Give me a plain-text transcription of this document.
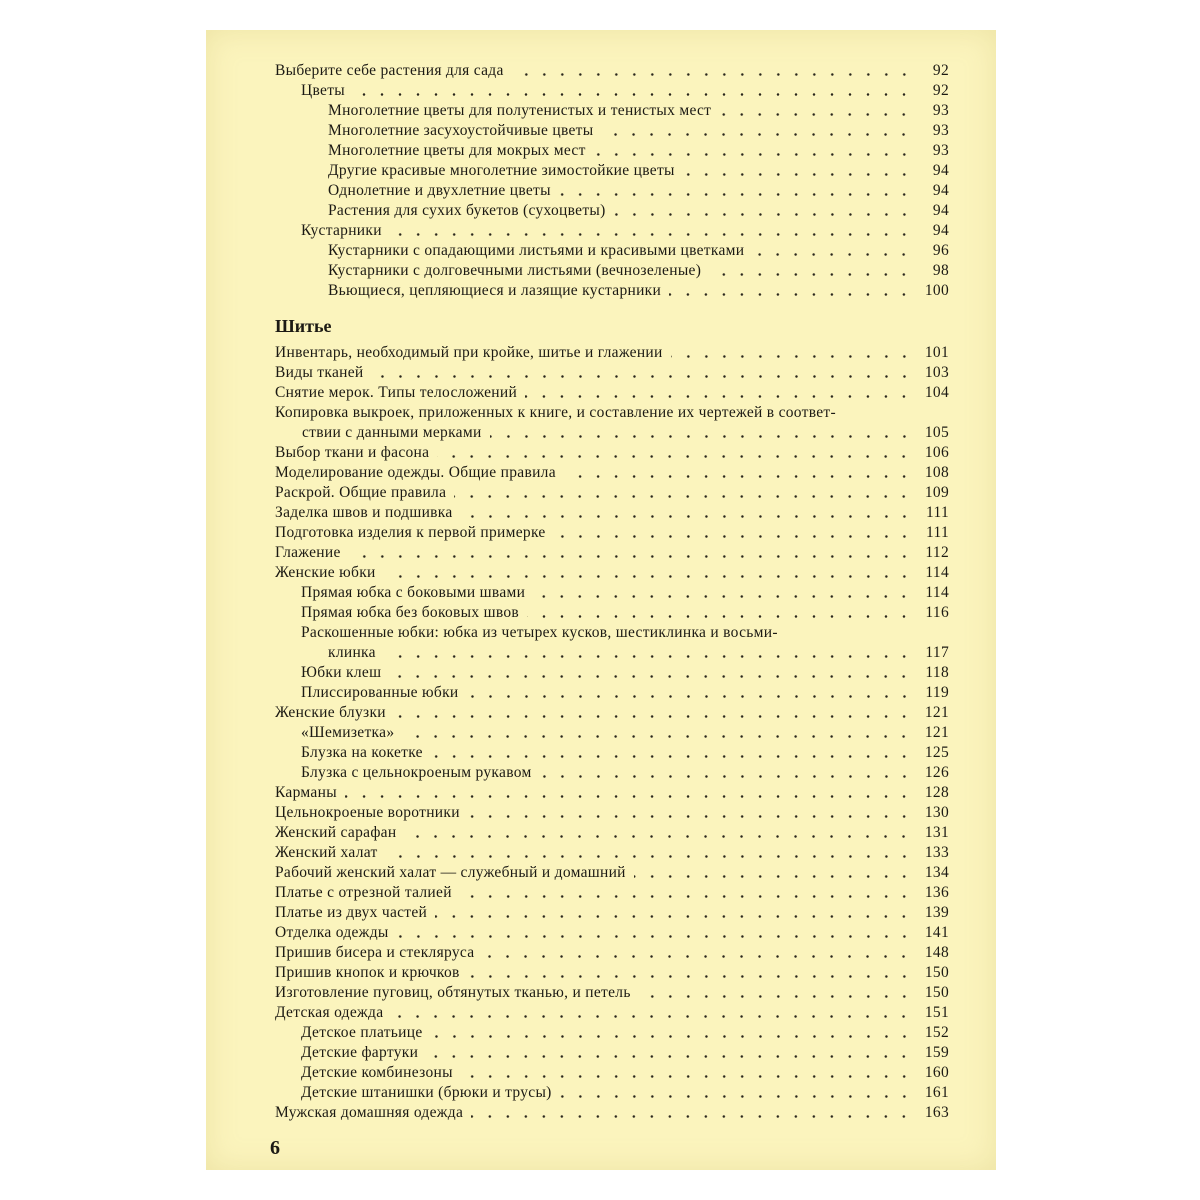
Выберите себе растения для сада	92
Цветы	92
Многолетние цветы для полутенистых и тенистых мест	93
Многолетние засухоустойчивые цветы	93
Многолетние цветы для мокрых мест	93
Другие красивые многолетние зимостойкие цветы	94
Однолетние и двухлетние цветы	94
Растения для сухих букетов (сухоцветы)	94
Кустарники	94
Кустарники с опадающими листьями и красивыми цветками	96
Кустарники с долговечными листьями (вечнозеленые)	98
Вьющиеся, цепляющиеся и лазящие кустарники	100
Шитье
Инвентарь, необходимый при кройке, шитье и глажении	101
Виды тканей	103
Снятие мерок. Типы телосложений	104
Копировка выкроек, приложенных к книге, и составление их чертежей в соответ-
ствии с данными мерками	105
Выбор ткани и фасона	106
Моделирование одежды. Общие правила	108
Раскрой. Общие правила	109
Заделка швов и подшивка	111
Подготовка изделия к первой примерке	111
Глажение	112
Женские юбки	114
Прямая юбка с боковыми швами	114
Прямая юбка без боковых швов	116
Раскошенные юбки: юбка из четырех кусков, шестиклинка и восьми-
клинка	117
Юбки клеш	118
Плиссированные юбки	119
Женские блузки	121
«Шемизетка»	121
Блузка на кокетке	125
Блузка с цельнокроеным рукавом	126
Карманы	128
Цельнокроеные воротники	130
Женский сарафан	131
Женский халат	133
Рабочий женский халат — служебный и домашний	134
Платье с отрезной талией	136
Платье из двух частей	139
Отделка одежды	141
Пришив бисера и стекляруса	148
Пришив кнопок и крючков	150
Изготовление пуговиц, обтянутых тканью, и петель	150
Детская одежда	151
Детское платьице	152
Детские фартуки	159
Детские комбинезоны	160
Детские штанишки (брюки и трусы)	161
Мужская домашняя одежда	163
6
